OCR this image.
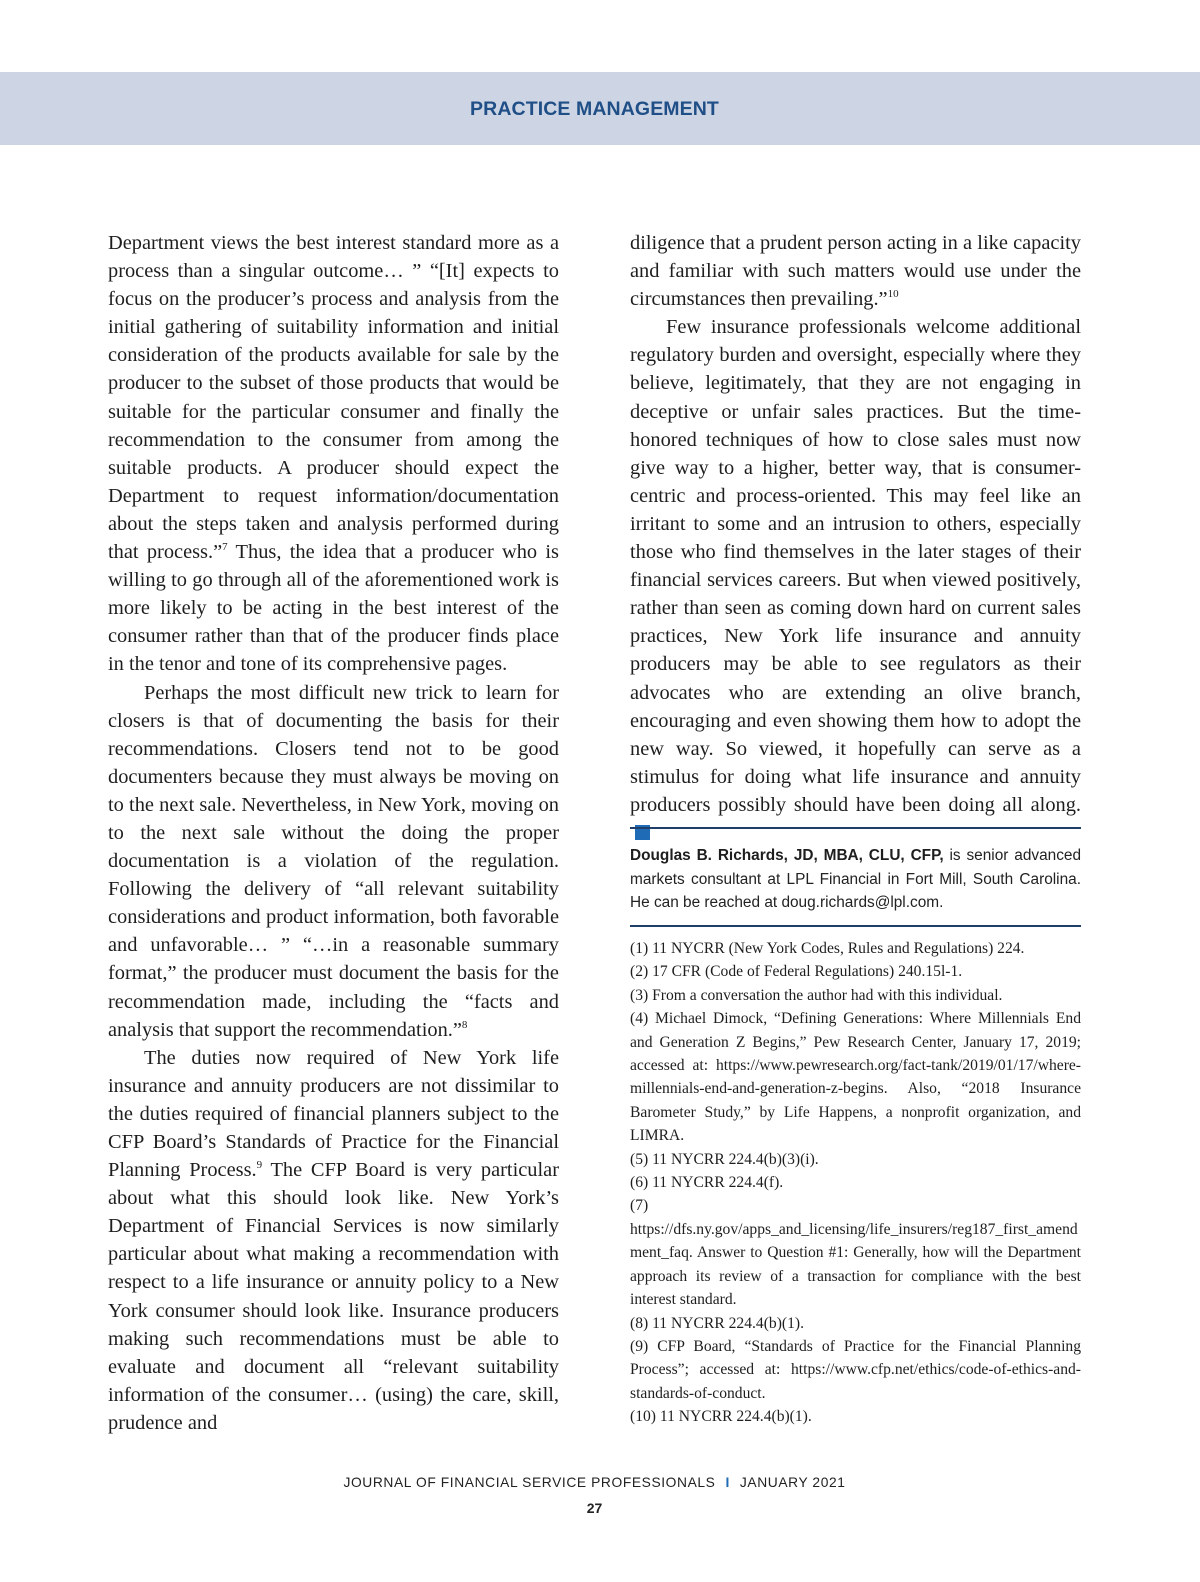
PRACTICE MANAGEMENT

Department views the best interest standard more as a process than a singular outcome… ” “[It] expects to focus on the producer’s process and analysis from the initial gathering of suitability information and initial consideration of the products available for sale by the producer to the subset of those products that would be suitable for the particular consumer and finally the recommendation to the consumer from among the suitable products. A producer should expect the Department to request information/documentation about the steps taken and analysis performed during that process.”$^7$ Thus, the idea that a producer who is willing to go through all of the aforementioned work is more likely to be acting in the best interest of the consumer rather than that of the producer finds place in the tenor and tone of its comprehensive pages.

Perhaps the most difficult new trick to learn for closers is that of documenting the basis for their recommendations. Closers tend not to be good documenters because they must always be moving on to the next sale. Nevertheless, in New York, moving on to the next sale without the doing the proper documentation is a violation of the regulation. Following the delivery of “all relevant suitability considerations and product information, both favorable and unfavorable… ” “…in a reasonable summary format,” the producer must document the basis for the recommendation made, including the “facts and analysis that support the recommendation.”$^8$

The duties now required of New York life insurance and annuity producers are not dissimilar to the duties required of financial planners subject to the CFP Board’s Standards of Practice for the Financial Planning Process.$^9$ The CFP Board is very particular about what this should look like. New York’s Department of Financial Services is now similarly particular about what making a recommendation with respect to a life insurance or annuity policy to a New York consumer should look like. Insurance producers making such recommendations must be able to evaluate and document all “relevant suitability information of the consumer… (using) the care, skill, prudence and

diligence that a prudent person acting in a like capacity and familiar with such matters would use under the circumstances then prevailing.”$^{10}$

Few insurance professionals welcome additional regulatory burden and oversight, especially where they believe, legitimately, that they are not engaging in deceptive or unfair sales practices. But the time-honored techniques of how to close sales must now give way to a higher, better way, that is consumer-centric and process-oriented. This may feel like an irritant to some and an intrusion to others, especially those who find themselves in the later stages of their financial services careers. But when viewed positively, rather than seen as coming down hard on current sales practices, New York life insurance and annuity producers may be able to see regulators as their advocates who are extending an olive branch, encouraging and even showing them how to adopt the new way. So viewed, it hopefully can serve as a stimulus for doing what life insurance and annuity producers possibly should have been doing all along.

Douglas B. Richards, JD, MBA, CLU, CFP, is senior advanced markets consultant at LPL Financial in Fort Mill, South Carolina. He can be reached at doug.richards@lpl.com.
(1) 11 NYCRR (New York Codes, Rules and Regulations) 224.
(2) 17 CFR (Code of Federal Regulations) 240.15l-1.
(3) From a conversation the author had with this individual.
(4) Michael Dimock, “Defining Generations: Where Millennials End and Generation Z Begins,” Pew Research Center, January 17, 2019; accessed at: https://www.pewresearch.org/fact-tank/2019/01/17/where-millennials-end-and-generation-z-begins. Also, “2018 Insurance Barometer Study,” by Life Happens, a nonprofit organization, and LIMRA.
(5) 11 NYCRR 224.4(b)(3)(i).
(6) 11 NYCRR 224.4(f).
(7) https://dfs.ny.gov/apps_and_licensing/life_insurers/reg187_first_amendment_faq. Answer to Question #1: Generally, how will the Department approach its review of a transaction for compliance with the best interest standard.
(8) 11 NYCRR 224.4(b)(1).
(9) CFP Board, “Standards of Practice for the Financial Planning Process”; accessed at: https://www.cfp.net/ethics/code-of-ethics-and-standards-of-conduct.
(10) 11 NYCRR 224.4(b)(1).
JOURNAL OF FINANCIAL SERVICE PROFESSIONALS I JANUARY 2021
27
